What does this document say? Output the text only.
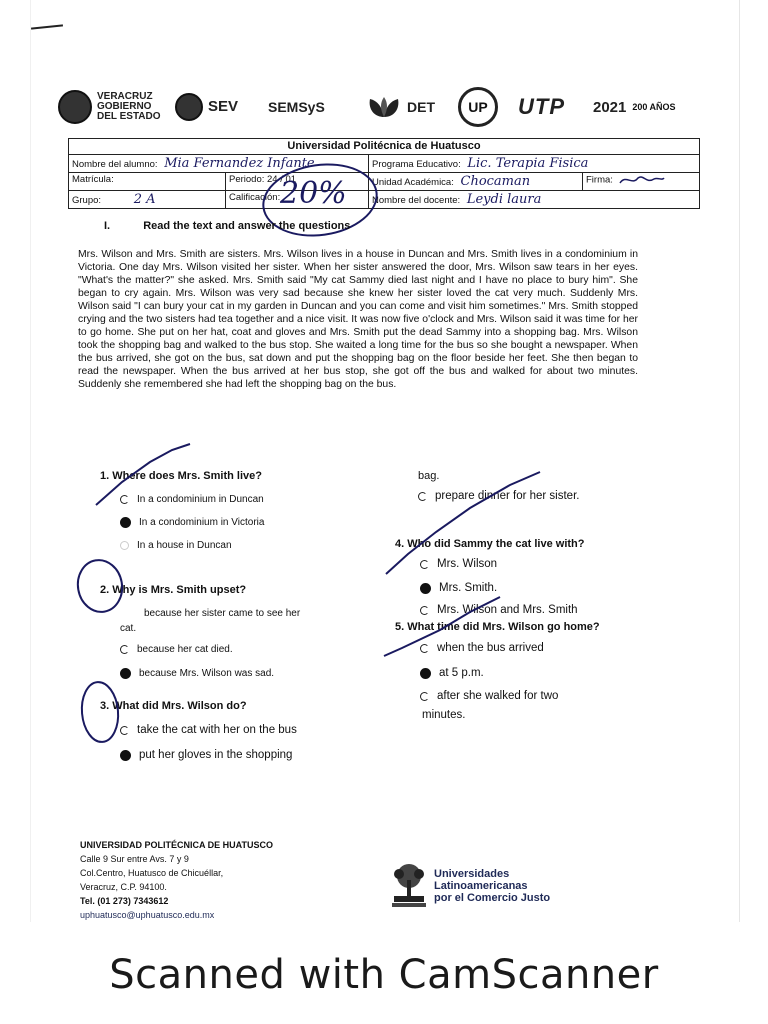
VERACRUZ
GOBIERNO
DEL ESTADO
SEV SEMSyS	DET	UP	UTP 2021 200 AÑOS
Universidad Politécnica de Huatusco			
Nombre del alumno: Mia Fernandez Infante		Programa Educativo: Lic. Terapia Fisica	
Matrícula:	Periodo: 24 / 01	Unidad Académica: Chocaman	Firma:
Grupo: 2 A	Calificación:	Nombre del docente: Leydi laura	
20%
I.	Read the text and answer the questions
Mrs. Wilson and Mrs. Smith are sisters. Mrs. Wilson lives in a house in Duncan and Mrs. Smith lives in a condominium in Victoria. One day Mrs. Wilson visited her sister. When her sister answered the door, Mrs. Wilson saw tears in her eyes. "What's the matter?" she asked. Mrs. Smith said "My cat Sammy died last night and I have no place to bury him". She began to cry again. Mrs. Wilson was very sad because she knew her sister loved the cat very much. Suddenly Mrs. Wilson said "I can bury your cat in my garden in Duncan and you can come and visit him sometimes." Mrs. Smith stopped crying and the two sisters had tea together and a nice visit. It was now five o'clock and Mrs. Wilson said it was time for her to go home. She put on her hat, coat and gloves and Mrs. Smith put the dead Sammy into a shopping bag. Mrs. Wilson took the shopping bag and walked to the bus stop. She waited a long time for the bus so she bought a newspaper. When the bus arrived, she got on the bus, sat down and put the shopping bag on the floor beside her feet. She then began to read the newspaper. When the bus arrived at her bus stop, she got off the bus and walked for about two minutes. Suddenly she remembered she had left the shopping bag on the bus.
1. Where does Mrs. Smith live?
In a condominium in Duncan
In a condominium in Victoria
In a house in Duncan
2. Why is Mrs. Smith upset?
because her sister came to see her
cat.
because her cat died.
because Mrs. Wilson was sad.
3. What did Mrs. Wilson do?
take the cat with her on the bus
put her gloves in the shopping
bag.
prepare dinner for her sister.
4. Who did Sammy the cat live with?
Mrs. Wilson
Mrs. Smith.
Mrs. Wilson and Mrs. Smith
5. What time did Mrs. Wilson go home?
when the bus arrived
at 5 p.m.
after she walked for two
minutes.
UNIVERSIDAD POLITÉCNICA DE HUATUSCO
Calle 9 Sur entre Avs. 7 y 9
Col.Centro, Huatusco de Chicuéllar,
Veracruz, C.P. 94100.
Tel. (01 273) 7343612
uphuatusco@uphuatusco.edu.mx
Universidades
Latinoamericanas
por el Comercio Justo
Scanned with CamScanner
